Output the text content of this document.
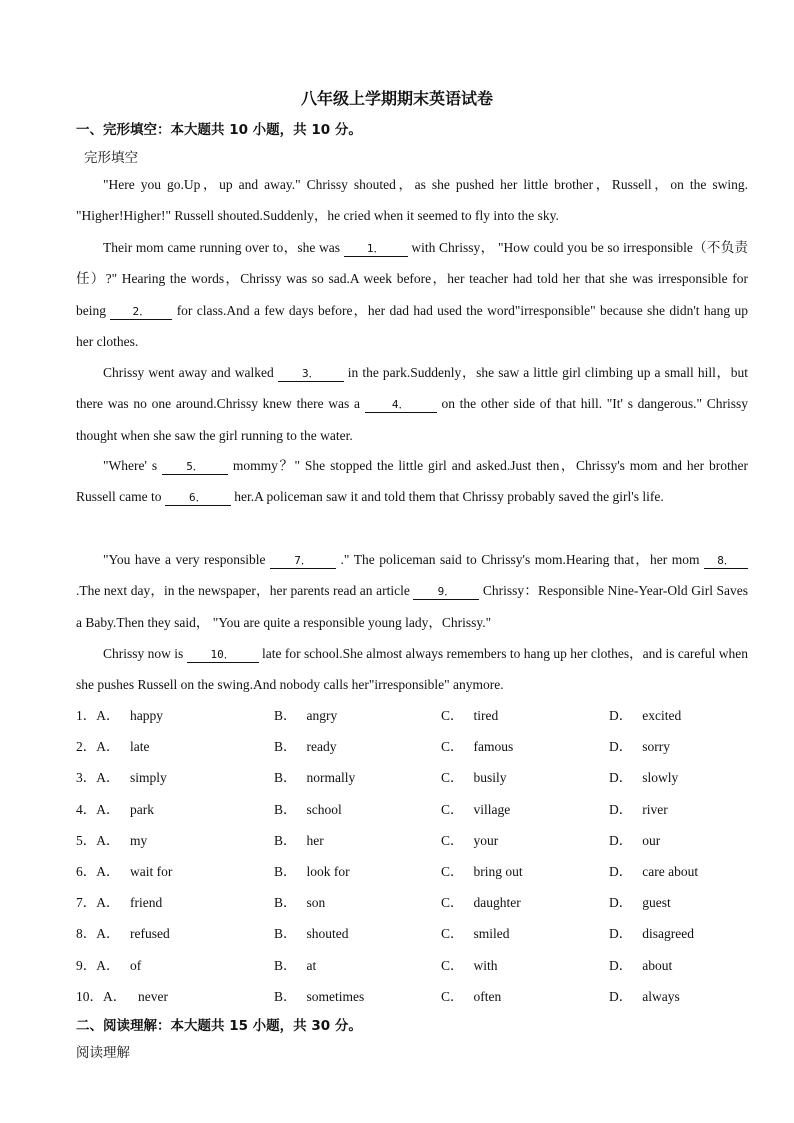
八年级上学期期末英语试卷
一、完形填空：本大题共 10 小题，共 10 分。
完形填空

"Here you go.Up，up and away." Chrissy shouted，as she pushed her little brother，Russell，on the swing. "Higher!Higher!" Russell shouted.Suddenly，he cried when it seemed to fly into the sky.

Their mom came running over to，she was 1． with Chrissy， "How could you be so irresponsible（不负责任）?" Hearing the words，Chrissy was so sad.A week before，her teacher had told her that she was irresponsible for being 2． for class.And a few days before，her dad had used the word"irresponsible" because she didn't hang up her clothes.

Chrissy went away and walked 3． in the park.Suddenly，she saw a little girl climbing up a small hill，but there was no one around.Chrissy knew there was a 4． on the other side of that hill. "It' s dangerous." Chrissy thought when she saw the girl running to the water.

"Where' s 5． mommy？" She stopped the little girl and asked.Just then，Chrissy's mom and her brother Russell came to 6． her.A policeman saw it and told them that Chrissy probably saved the girl's life.

"You have a very responsible 7． ." The policeman said to Chrissy's mom.Hearing that，her mom 8． .The next day，in the newspaper，her parents read an article 9． Chrissy：Responsible Nine-Year-Old Girl Saves a Baby.Then they said， "You are quite a responsible young lady，Chrissy."

Chrissy now is 10． late for school.She almost always remembers to hang up her clothes，and is careful when she pushes Russell on the swing.And nobody calls her"irresponsible" anymore.

1．A． happy	B． angry	C． tired	D． excited
2．A． late	B． ready	C． famous	D． sorry
3．A． simply	B． normally	C． busily	D． slowly
4．A． park	B． school	C． village	D． river
5．A． my	B． her	C． your	D． our
6．A． wait for	B． look for	C． bring out	D． care about
7．A． friend	B． son	C． daughter	D． guest
8．A． refused	B． shouted	C． smiled	D． disagreed
9．A． of	B． at	C． with	D． about
10．A． never	B． sometimes	C． often	D． always
二、阅读理解：本大题共 15 小题，共 30 分。
阅读理解
